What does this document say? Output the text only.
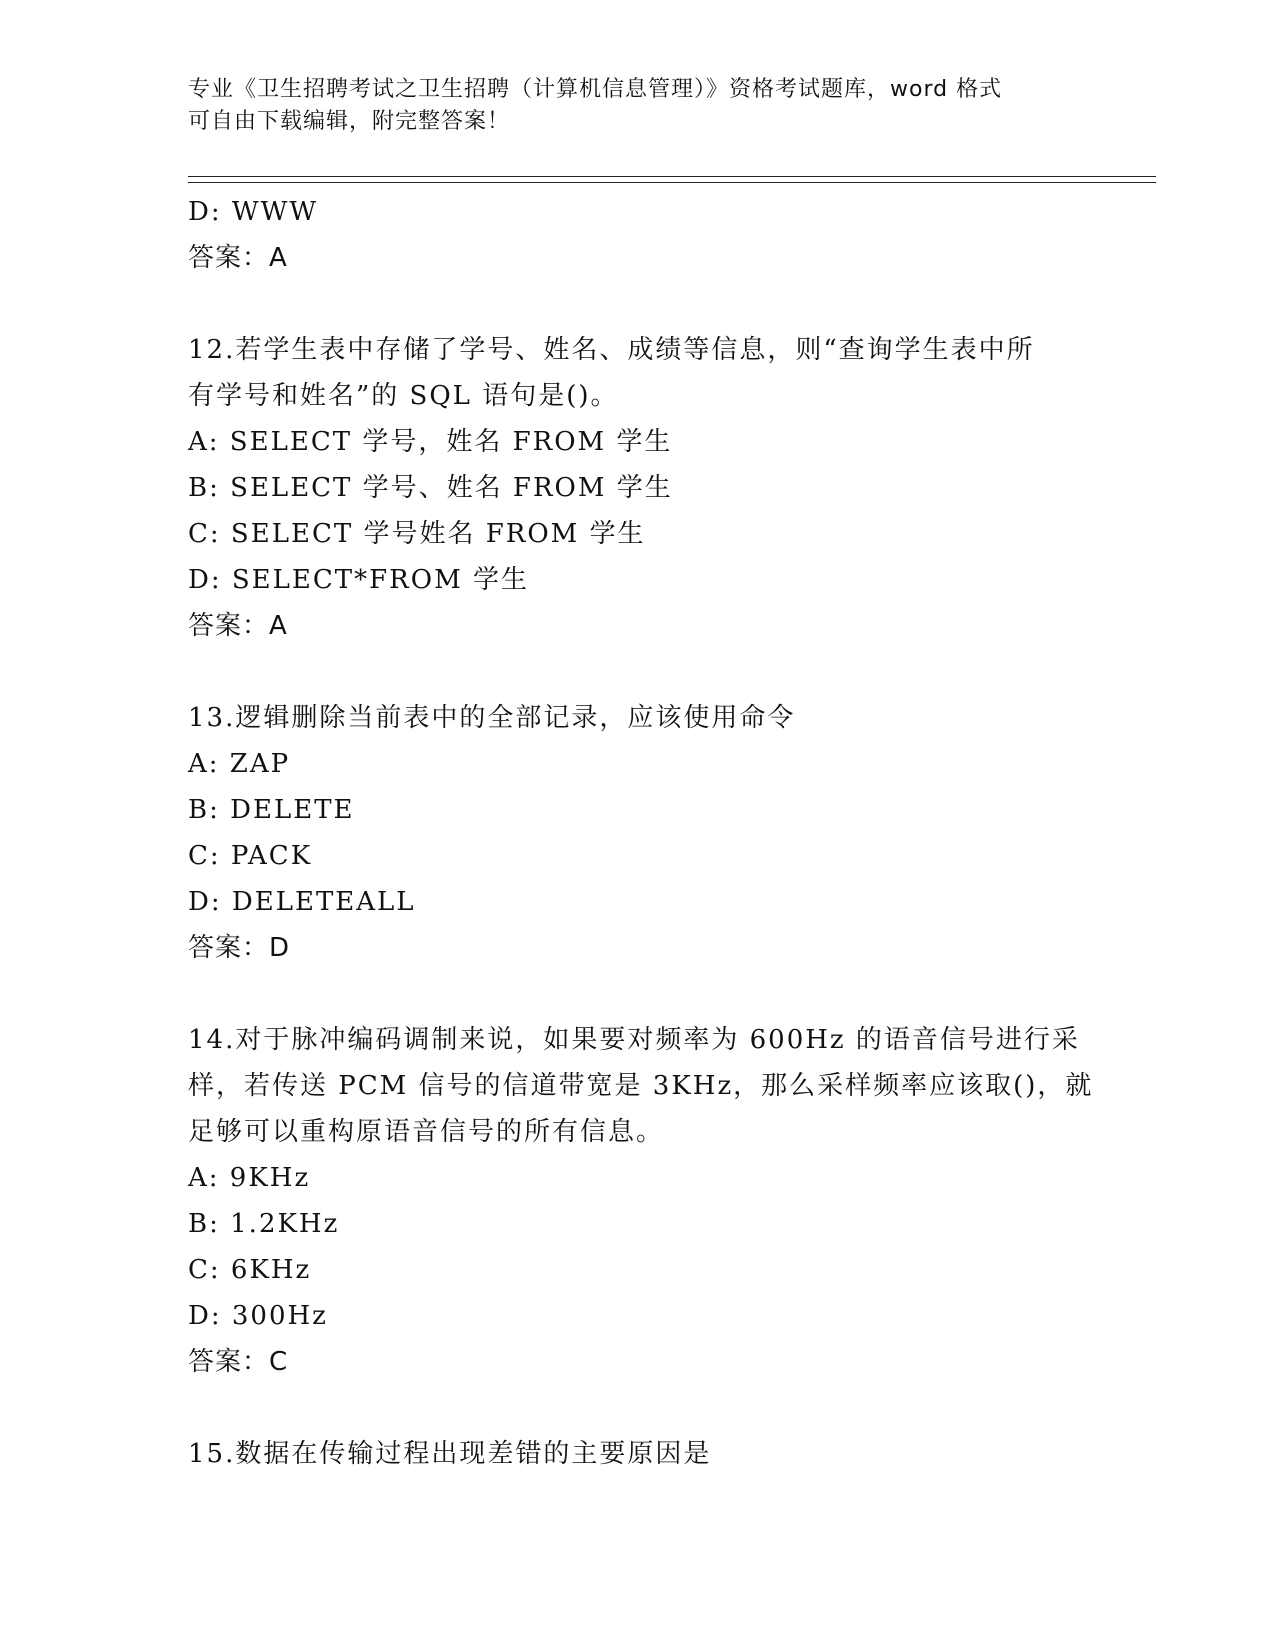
专业《卫生招聘考试之卫生招聘（计算机信息管理）》资格考试题库，word 格式
可自由下载编辑，附完整答案！
D: WWW
答案：A
12.若学生表中存储了学号、姓名、成绩等信息，则“查询学生表中所
有学号和姓名”的 SQL 语句是()。
A: SELECT 学号，姓名 FROM 学生
B: SELECT 学号、姓名 FROM 学生
C: SELECT 学号姓名 FROM 学生
D: SELECT*FROM 学生
答案：A
13.逻辑删除当前表中的全部记录，应该使用命令
A: ZAP
B: DELETE
C: PACK
D: DELETEALL
答案：D
14.对于脉冲编码调制来说，如果要对频率为 600Hz 的语音信号进行采
样，若传送 PCM 信号的信道带宽是 3KHz，那么采样频率应该取()，就
足够可以重构原语音信号的所有信息。
A: 9KHz
B: 1.2KHz
C: 6KHz
D: 300Hz
答案：C
15.数据在传输过程出现差错的主要原因是
